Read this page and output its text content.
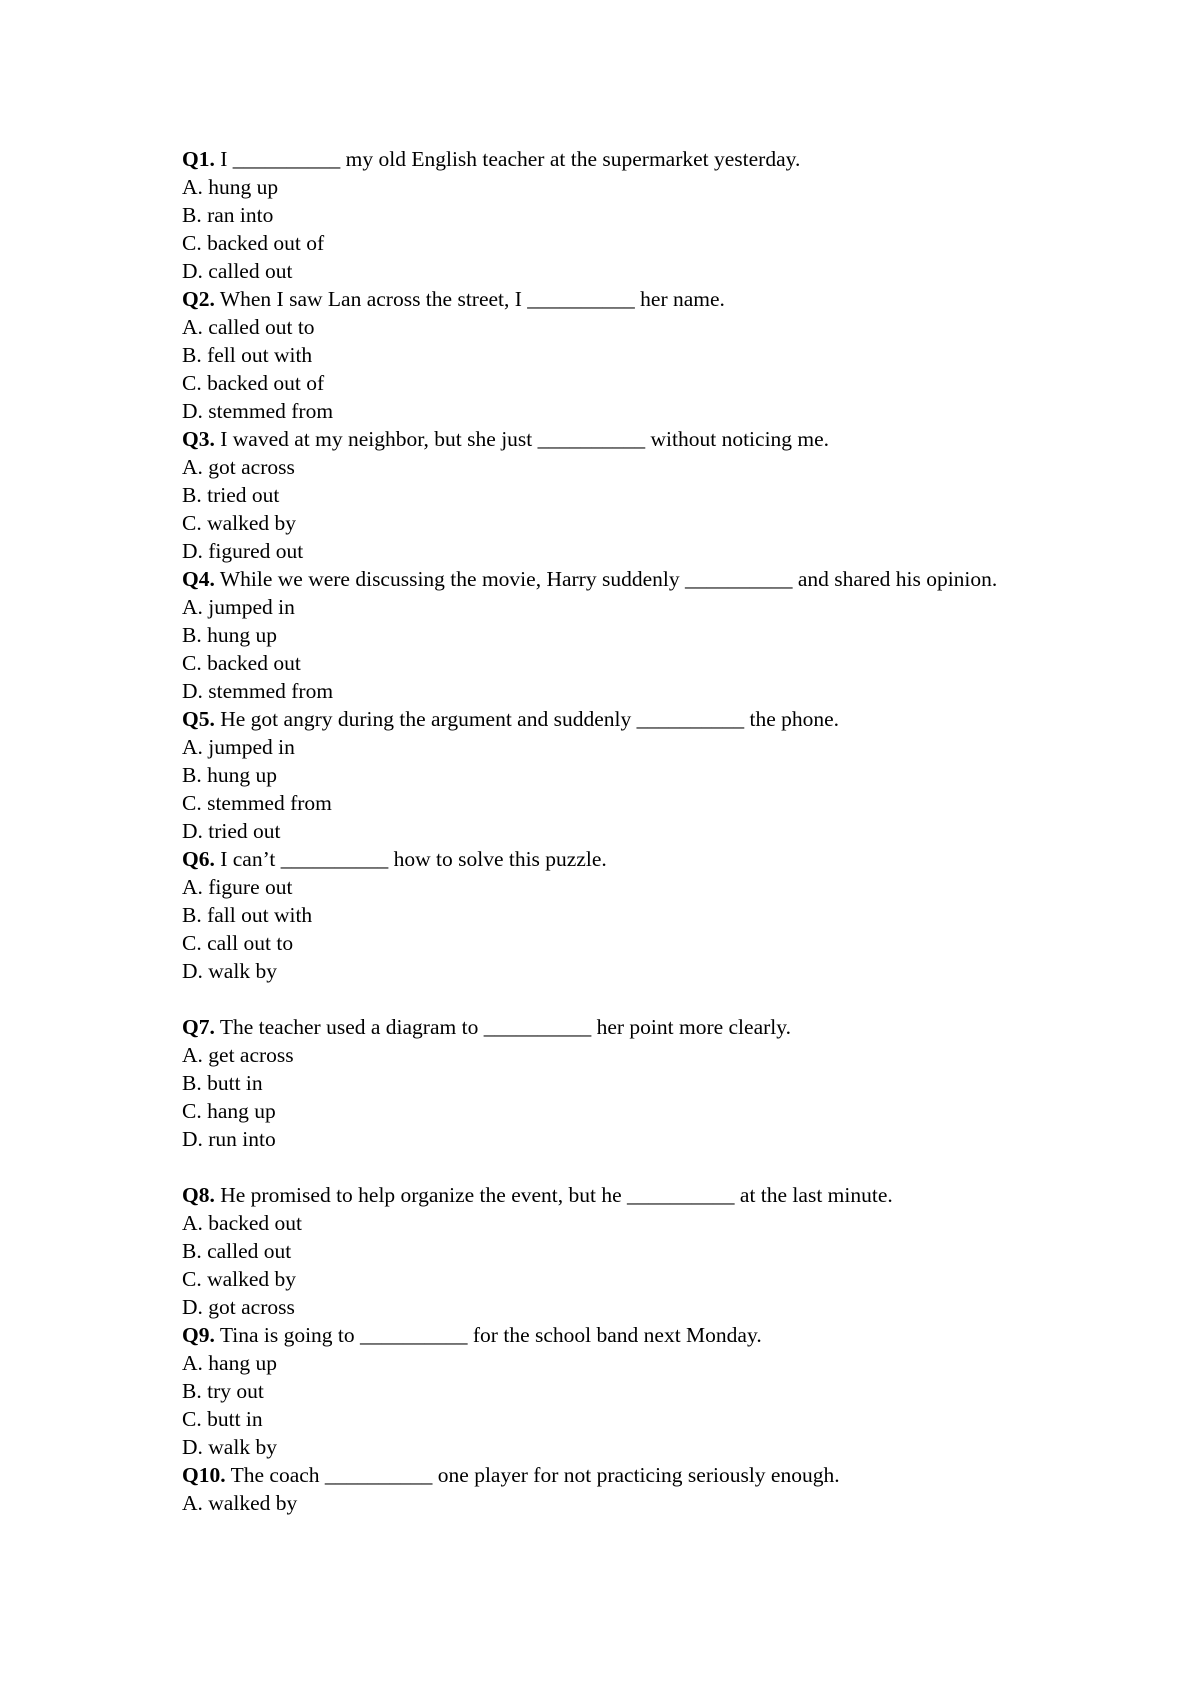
Q1. I __________ my old English teacher at the supermarket yesterday.

A. hung up

B. ran into

C. backed out of

D. called out

Q2. When I saw Lan across the street, I __________ her name.

A. called out to

B. fell out with

C. backed out of

D. stemmed from

Q3. I waved at my neighbor, but she just __________ without noticing me.

A. got across

B. tried out

C. walked by

D. figured out

Q4. While we were discussing the movie, Harry suddenly __________ and shared his opinion.

A. jumped in

B. hung up

C. backed out

D. stemmed from

Q5. He got angry during the argument and suddenly __________ the phone.

A. jumped in

B. hung up

C. stemmed from

D. tried out

Q6. I can’t __________ how to solve this puzzle.

A. figure out

B. fall out with

C. call out to

D. walk by

Q7. The teacher used a diagram to __________ her point more clearly.

A. get across

B. butt in

C. hang up

D. run into

Q8. He promised to help organize the event, but he __________ at the last minute.

A. backed out

B. called out

C. walked by

D. got across

Q9. Tina is going to __________ for the school band next Monday.

A. hang up

B. try out

C. butt in

D. walk by

Q10. The coach __________ one player for not practicing seriously enough.

A. walked by
